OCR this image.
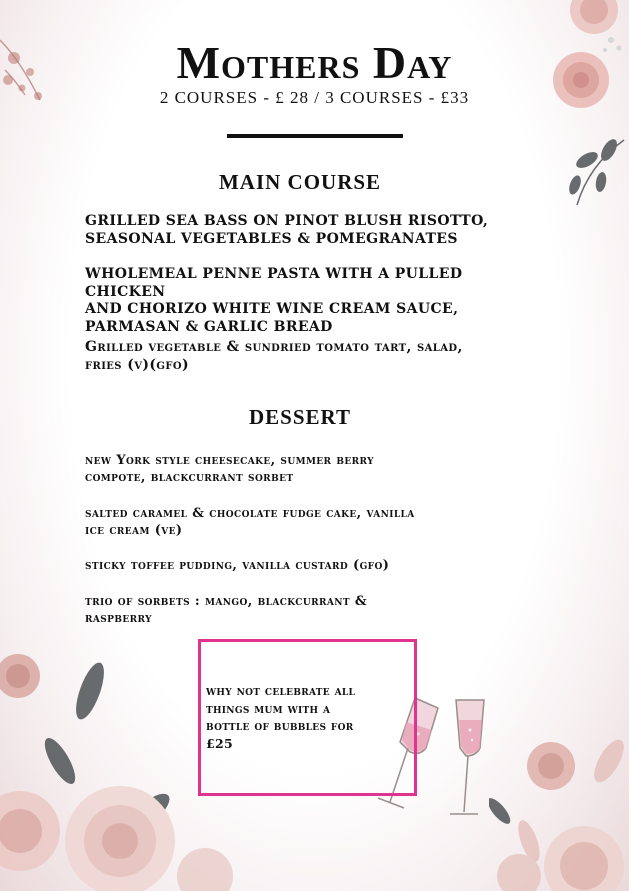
Mothers Day
2 COURSES - £ 28 / 3 COURSES - £33
MAIN COURSE
GRILLED SEA BASS ON PINOT BLUSH RISOTTO,
SEASONAL VEGETABLES & POMEGRANATES
WHOLEMEAL PENNE PASTA WITH A PULLED CHICKEN
AND CHORIZO WHITE WINE CREAM SAUCE,
PARMASAN & GARLIC BREAD
Grilled vegetable & sundried tomato tart, salad,
fries (v)(gfo)
DESSERT
new York style cheesecake, summer berry
compote, blackcurrant sorbet
salted caramel & chocolate fudge cake, vanilla
ice cream (ve)
sticky toffee pudding, vanilla custard (gfo)
trio of sorbets : mango, blackcurrant &
raspberry
why not celebrate all
things mum with a
bottle of bubbles for
£25
